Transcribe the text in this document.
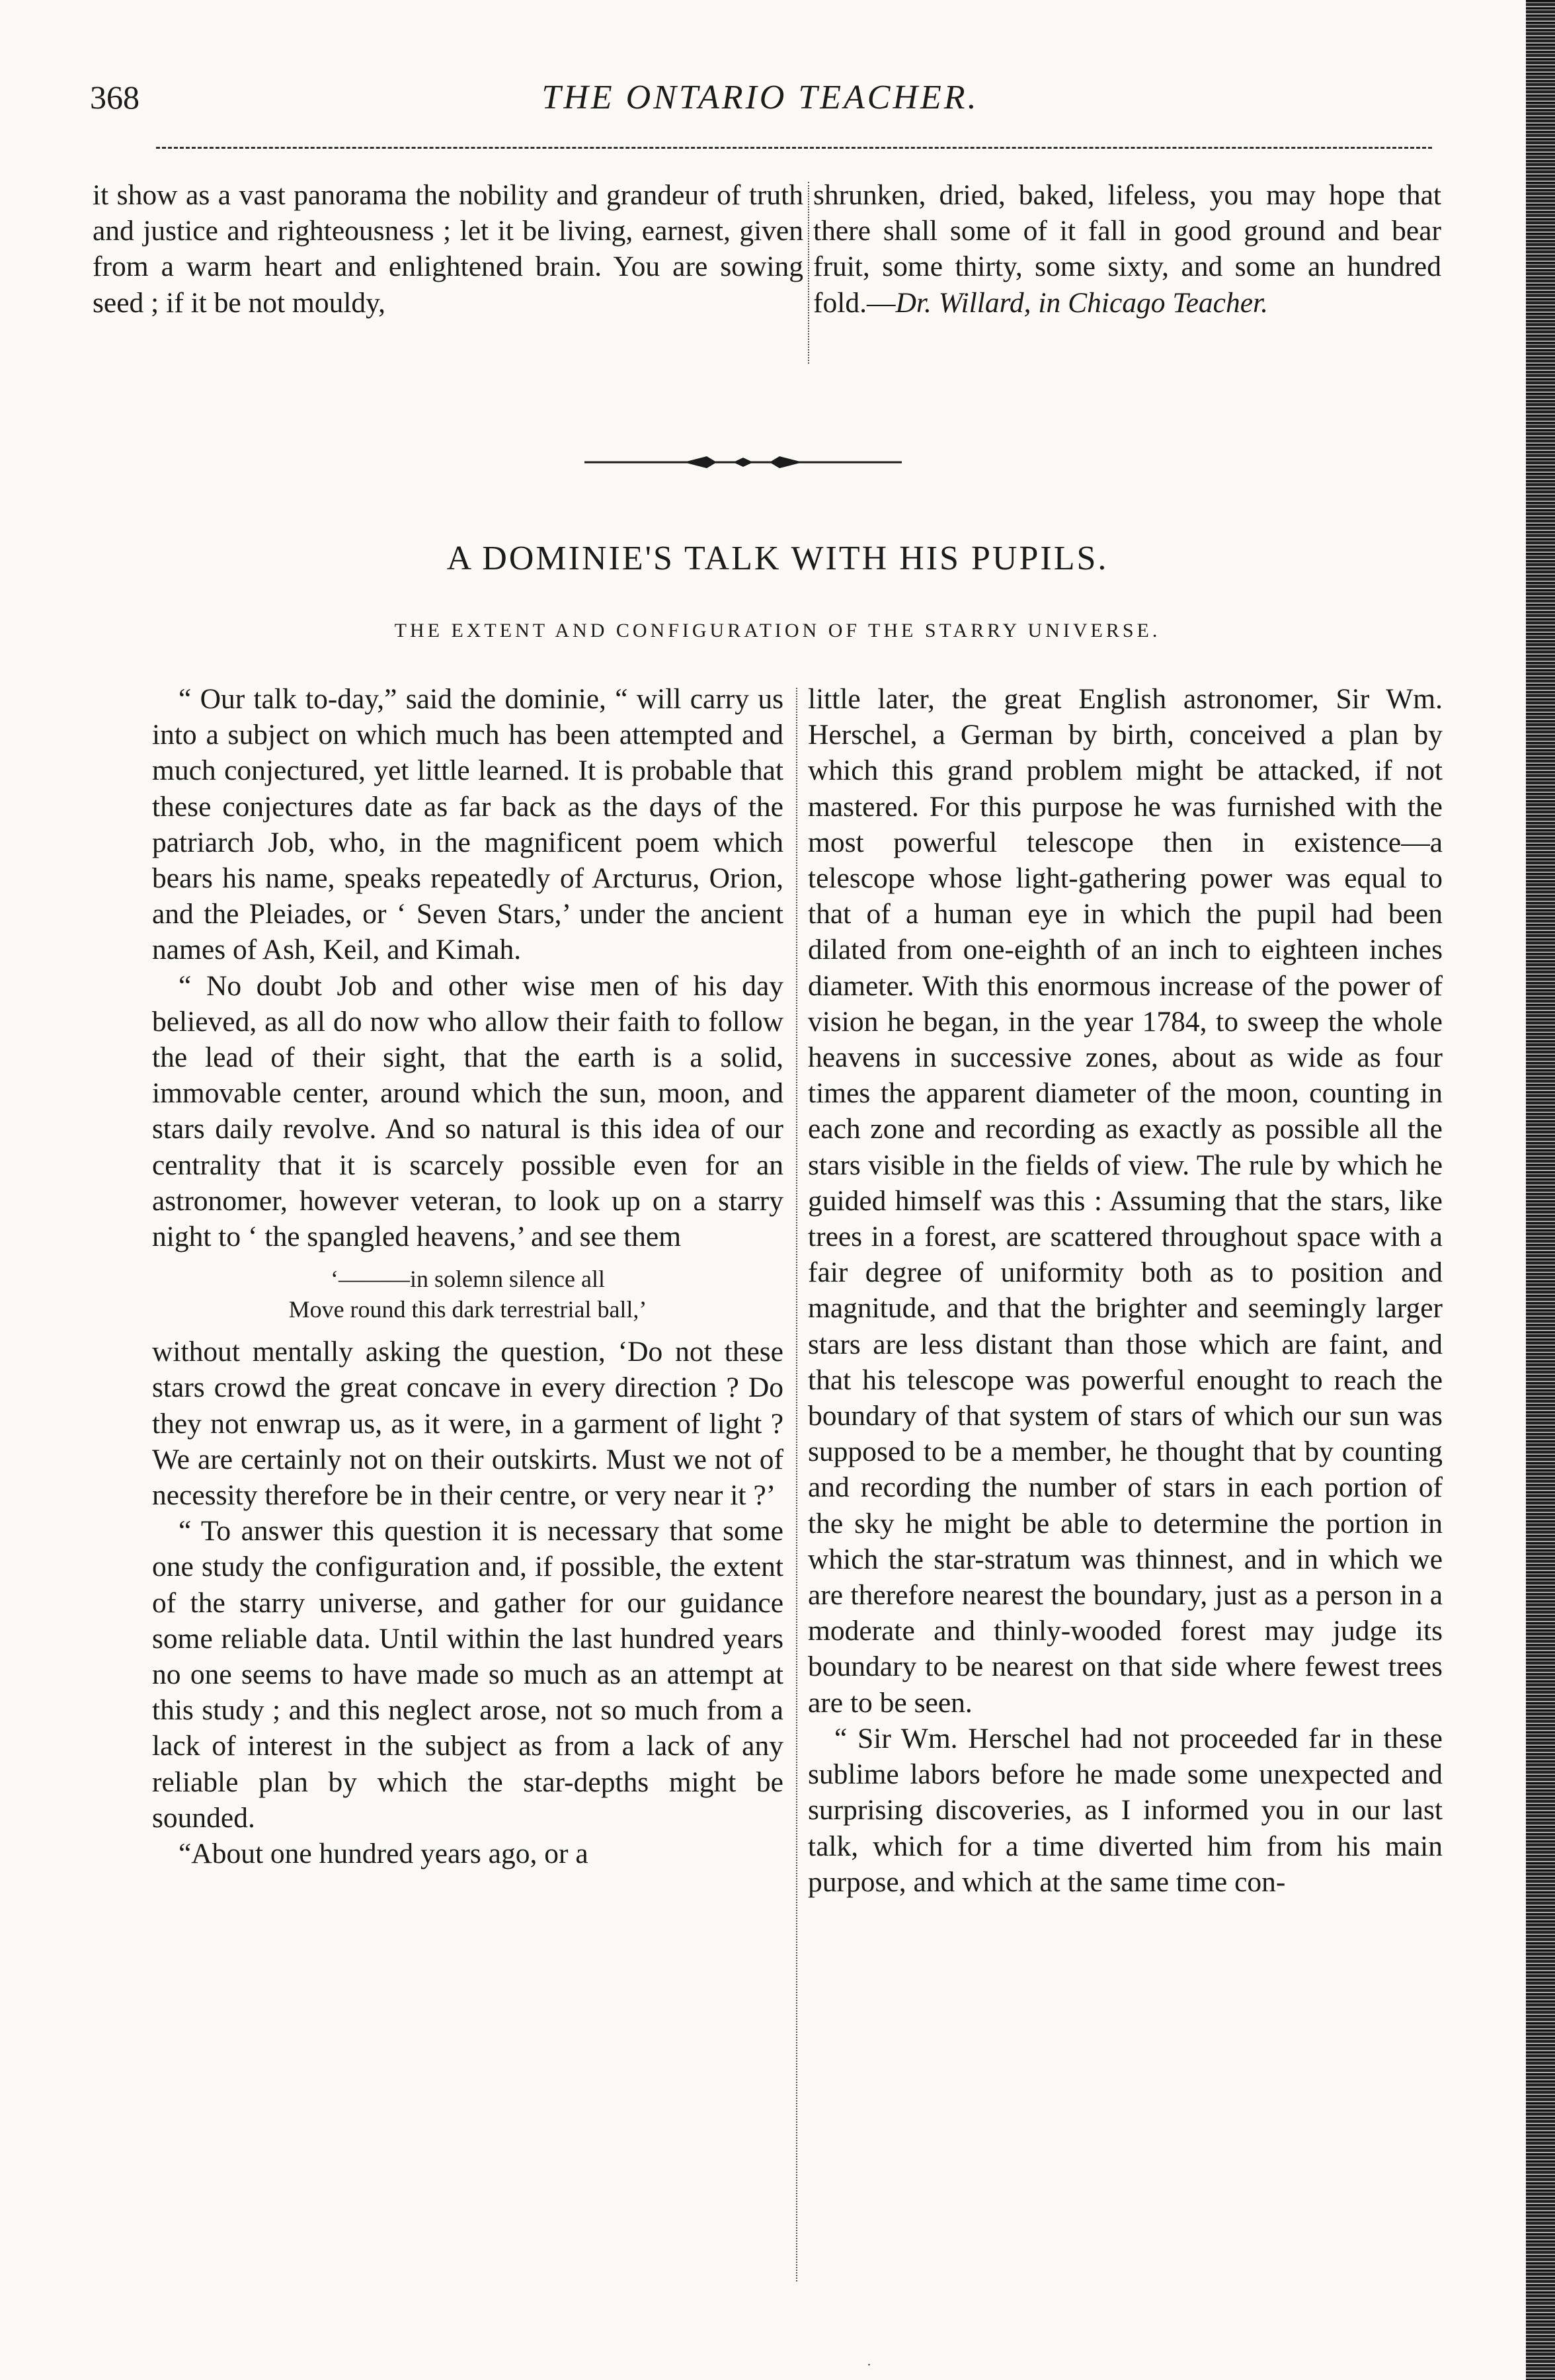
368	THE ONTARIO TEACHER.

it show as a vast panorama the nobility and grandeur of truth and justice and righteousness ; let it be living, earnest, given from a warm heart and enlightened brain. You are sowing seed ; if it be not mouldy,

shrunken, dried, baked, lifeless, you may hope that there shall some of it fall in good ground and bear fruit, some thirty, some sixty, and some an hundred fold.—Dr. Willard, in Chicago Teacher.

A DOMINIE'S TALK WITH HIS PUPILS.
THE EXTENT AND CONFIGURATION OF THE STARRY UNIVERSE.

“ Our talk to-day,” said the dominie, “ will carry us into a subject on which much has been attempted and much conjectured, yet little learned. It is probable that these conjectures date as far back as the days of the patriarch Job, who, in the magnificent poem which bears his name, speaks repeatedly of Arcturus, Orion, and the Pleiades, or ‘ Seven Stars,’ under the ancient names of Ash, Keil, and Kimah.

“ No doubt Job and other wise men of his day believed, as all do now who allow their faith to follow the lead of their sight, that the earth is a solid, immovable center, around which the sun, moon, and stars daily revolve. And so natural is this idea of our centrality that it is scarcely possible even for an astronomer, however veteran, to look up on a starry night to ‘ the spangled heavens,’ and see them

‘———in solemn silence all
Move round this dark terrestrial ball,’

without mentally asking the question, ‘Do not these stars crowd the great concave in every direction ? Do they not enwrap us, as it were, in a garment of light ? We are certainly not on their outskirts. Must we not of necessity therefore be in their centre, or very near it ?’

“ To answer this question it is necessary that some one study the configuration and, if possible, the extent of the starry universe, and gather for our guidance some reliable data. Until within the last hundred years no one seems to have made so much as an attempt at this study ; and this neglect arose, not so much from a lack of interest in the subject as from a lack of any reliable plan by which the star-depths might be sounded.

“About one hundred years ago, or a

little later, the great English astronomer, Sir Wm. Herschel, a German by birth, conceived a plan by which this grand problem might be attacked, if not mastered. For this purpose he was furnished with the most powerful telescope then in existence—a telescope whose light-gathering power was equal to that of a human eye in which the pupil had been dilated from one-eighth of an inch to eighteen inches diameter. With this enormous increase of the power of vision he began, in the year 1784, to sweep the whole heavens in successive zones, about as wide as four times the apparent diameter of the moon, counting in each zone and recording as exactly as possible all the stars visible in the fields of view. The rule by which he guided himself was this : Assuming that the stars, like trees in a forest, are scattered throughout space with a fair degree of uniformity both as to position and magnitude, and that the brighter and seemingly larger stars are less distant than those which are faint, and that his telescope was powerful enought to reach the boundary of that system of stars of which our sun was supposed to be a member, he thought that by counting and recording the number of stars in each portion of the sky he might be able to determine the portion in which the star-stratum was thinnest, and in which we are therefore nearest the boundary, just as a person in a moderate and thinly-wooded forest may judge its boundary to be nearest on that side where fewest trees are to be seen.

“ Sir Wm. Herschel had not proceeded far in these sublime labors before he made some unexpected and surprising discoveries, as I informed you in our last talk, which for a time diverted him from his main purpose, and which at the same time con-

.
